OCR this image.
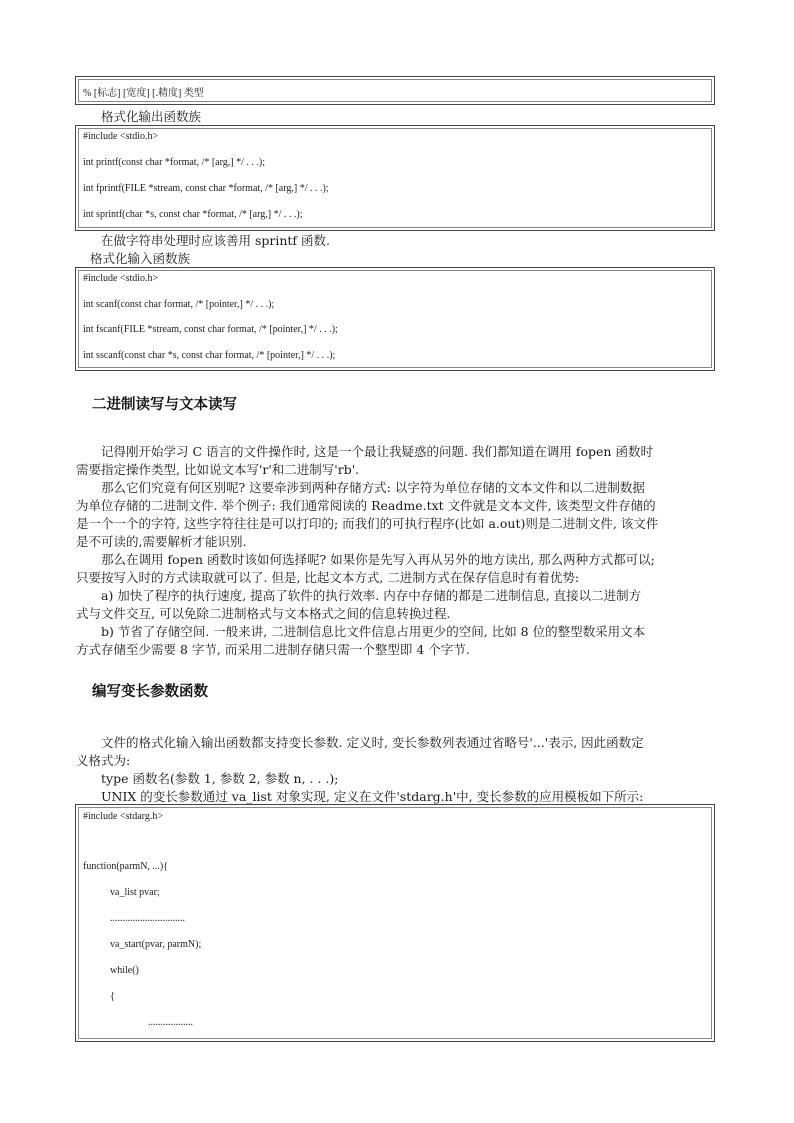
% [标志] [宽度] [.精度] 类型
格式化输出函数族
#include <stdio.h>
int printf(const char *format, /* [arg,] */ . . .);
int fprintf(FILE *stream, const char *format, /* [arg,] */ . . .);
int sprintf(char *s, const char *format, /* [arg,] */ . . .);
在做字符串处理时应该善用 sprintf 函数.
格式化输入函数族
#include <stdio.h>
int scanf(const char format, /* [pointer,] */ . . .);
int fscanf(FILE *stream, const char format, /* [pointer,] */ . . .);
int sscanf(const char *s, const char format, /* [pointer,] */ . . .);
二进制读写与文本读写
记得刚开始学习 C 语言的文件操作时, 这是一个最让我疑惑的问题. 我们都知道在调用 fopen 函数时
需要指定操作类型, 比如说文本写'r'和二进制写'rb'.
那么它们究竟有何区别呢? 这要牵涉到两种存储方式: 以字符为单位存储的文本文件和以二进制数据
为单位存储的二进制文件. 举个例子: 我们通常阅读的 Readme.txt 文件就是文本文件, 该类型文件存储的
是一个一个的字符, 这些字符往往是可以打印的; 而我们的可执行程序(比如 a.out)则是二进制文件, 该文件
是不可读的,需要解析才能识别.
那么在调用 fopen 函数时该如何选择呢? 如果你是先写入再从另外的地方读出, 那么两种方式都可以;
只要按写入时的方式读取就可以了. 但是, 比起文本方式, 二进制方式在保存信息时有着优势:
a) 加快了程序的执行速度, 提高了软件的执行效率. 内存中存储的都是二进制信息, 直接以二进制方
式与文件交互, 可以免除二进制格式与文本格式之间的信息转换过程.
b) 节省了存储空间. 一般来讲, 二进制信息比文件信息占用更少的空间, 比如 8 位的整型数采用文本
方式存储至少需要 8 字节, 而采用二进制存储只需一个整型即 4 个字节.
编写变长参数函数
文件的格式化输入输出函数都支持变长参数. 定义时, 变长参数列表通过省略号'...'表示, 因此函数定
义格式为:
type 函数名(参数 1, 参数 2, 参数 n, . . .);
UNIX 的变长参数通过 va_list 对象实现, 定义在文件'stdarg.h'中, 变长参数的应用模板如下所示:
#include <stdarg.h>
function(parmN, ...){
va_list pvar;
..............................
va_start(pvar, parmN);
while()
{
..................
